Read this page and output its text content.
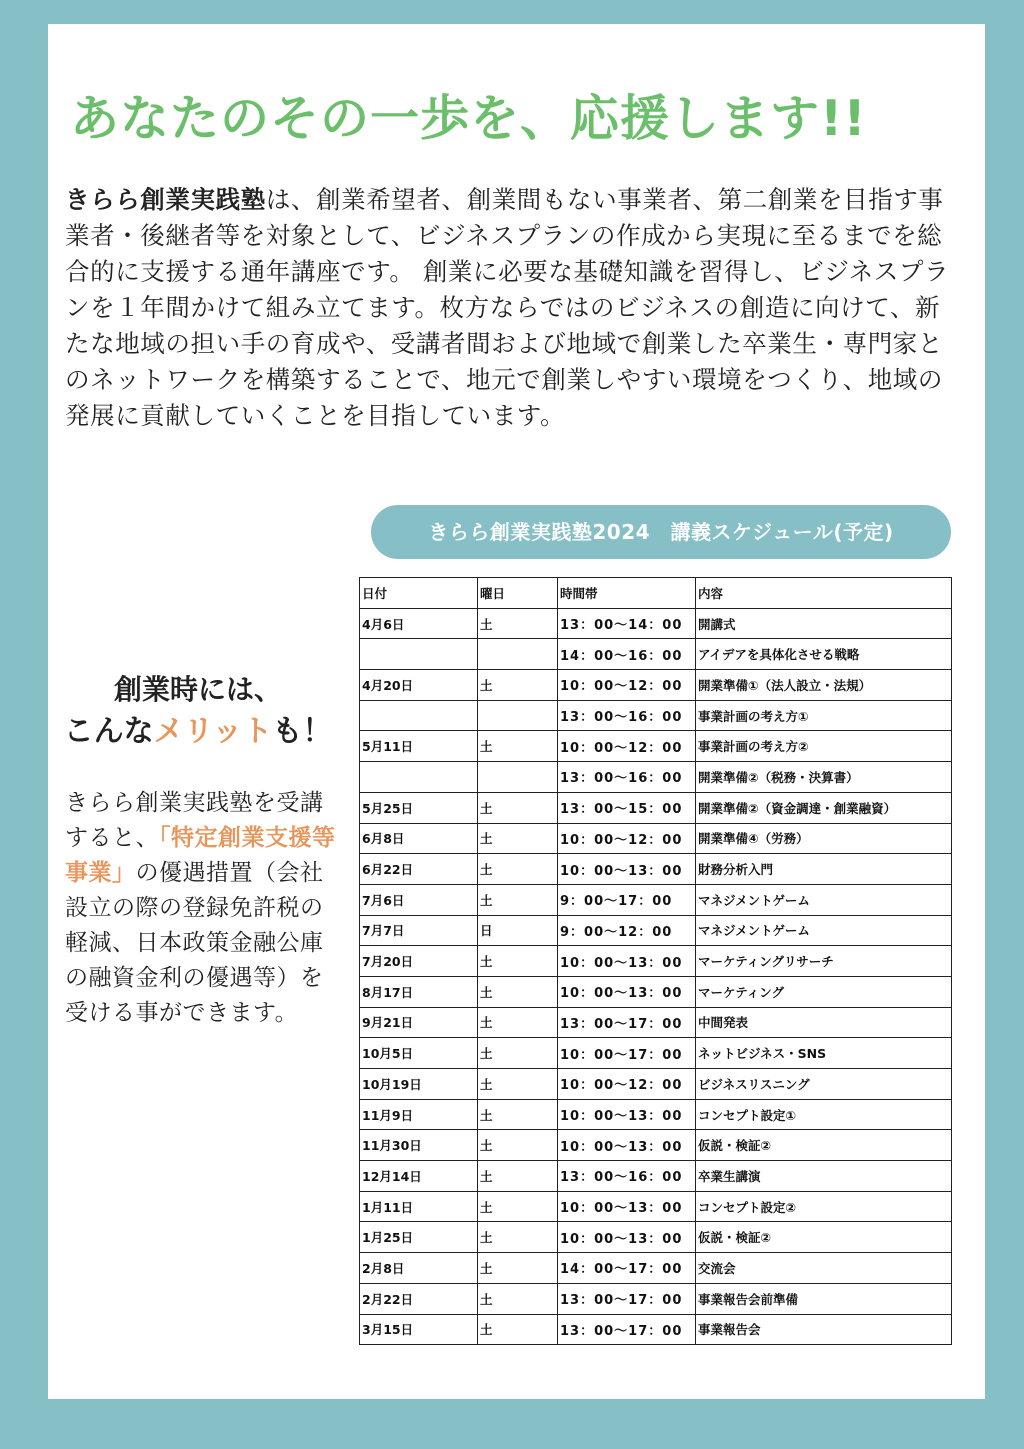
あなたのその一歩を、応援します!!
きらら創業実践塾は、創業希望者、創業間もない事業者、第二創業を目指す事業者・後継者等を対象として、ビジネスプランの作成から実現に至るまでを総合的に支援する通年講座です。 創業に必要な基礎知識を習得し、ビジネスプランを１年間かけて組み立てます。枚方ならではのビジネスの創造に向けて、新たな地域の担い手の育成や、受講者間および地域で創業した卒業生・専門家とのネットワークを構築することで、地元で創業しやすい環境をつくり、地域の発展に貢献していくことを目指しています。
きらら創業実践塾2024　講義スケジュール(予定)
創業時には、
こんなメリットも！
きらら創業実践塾を受講すると、「特定創業支援等事業」の優遇措置（会社設立の際の登録免許税の軽減、日本政策金融公庫の融資金利の優遇等）を受ける事ができます。
日付	曜日	時間帯	内容
4月6日	土	13：00〜14：00	開講式
		14：00〜16：00	アイデアを具体化させる戦略
4月20日	土	10：00〜12：00	開業準備①（法人設立・法規）
		13：00〜16：00	事業計画の考え方①
5月11日	土	10：00〜12：00	事業計画の考え方②
		13：00〜16：00	開業準備②（税務・決算書）
5月25日	土	13：00〜15：00	開業準備②（資金調達・創業融資）
6月8日	土	10：00〜12：00	開業準備④（労務）
6月22日	土	10：00〜13：00	財務分析入門
7月6日	土	9：00〜17：00	マネジメントゲーム
7月7日	日	9：00〜12：00	マネジメントゲーム
7月20日	土	10：00〜13：00	マーケティングリサーチ
8月17日	土	10：00〜13：00	マーケティング
9月21日	土	13：00〜17：00	中間発表
10月5日	土	10：00〜17：00	ネットビジネス・SNS
10月19日	土	10：00〜12：00	ビジネスリスニング
11月9日	土	10：00〜13：00	コンセプト設定①
11月30日	土	10：00〜13：00	仮説・検証②
12月14日	土	13：00〜16：00	卒業生講演
1月11日	土	10：00〜13：00	コンセプト設定②
1月25日	土	10：00〜13：00	仮説・検証②
2月8日	土	14：00〜17：00	交流会
2月22日	土	13：00〜17：00	事業報告会前準備
3月15日	土	13：00〜17：00	事業報告会
